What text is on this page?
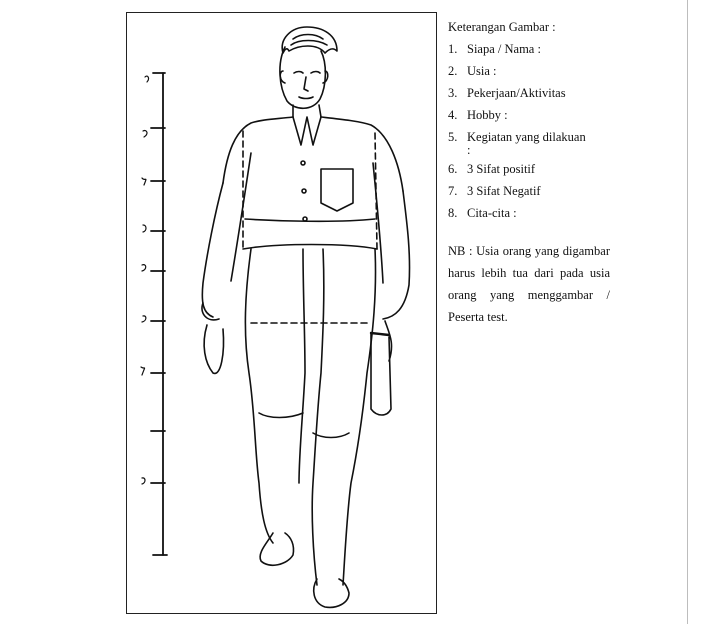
Keterangan Gambar :

1. Siapa / Nama :
2. Usia :
3. Pekerjaan/Aktivitas
4. Hobby :
5. Kegiatan yang dilakuan
:
6. 3 Sifat positif
7. 3 Sifat Negatif
8. Cita-cita :

NB : Usia orang yang digambar harus lebih tua dari pada usia orang yang menggambar / Peserta test.
